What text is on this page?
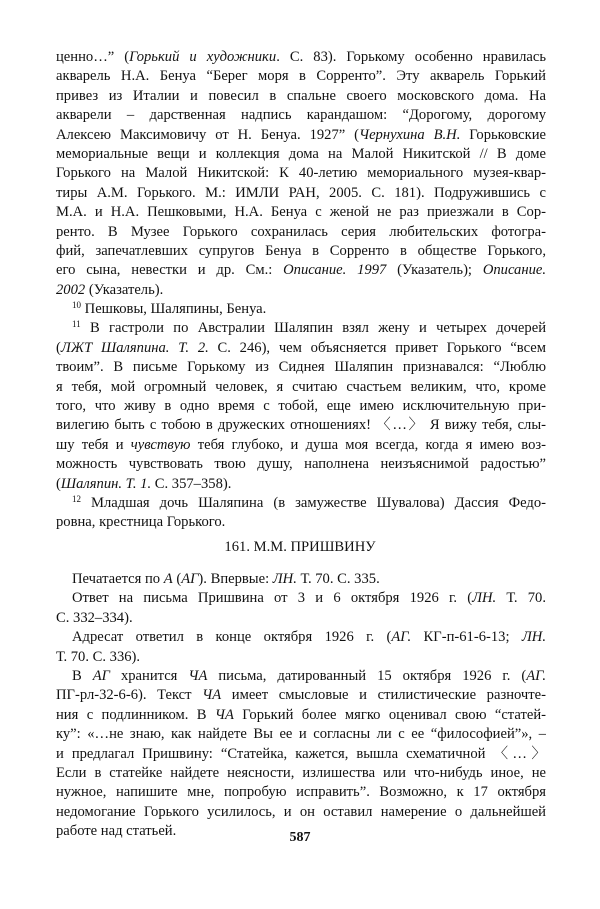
ценно…” (Горький и художники. С. 83). Горькому особенно нравилась
акварель Н.А. Бенуа “Берег моря в Сорренто”. Эту акварель Горький
привез из Италии и повесил в спальне своего московского дома. На
акварели – дарственная надпись карандашом: “Дорогому, дорогому
Алексею Максимовичу от Н. Бенуа. 1927” (Чернухина В.Н. Горьковские
мемориальные вещи и коллекция дома на Малой Никитской // В доме
Горького на Малой Никитской: К 40-летию мемориального музея-квар-
тиры А.М. Горького. М.: ИМЛИ РАН, 2005. С. 181). Подружившись с
М.А. и Н.А. Пешковыми, Н.А. Бенуа с женой не раз приезжали в Сор-
ренто. В Музее Горького сохранилась серия любительских фотогра-
фий, запечатлевших супругов Бенуа в Сорренто в обществе Горького,
его сына, невестки и др. См.: Описание. 1997 (Указатель); Описание.
2002 (Указатель).
$^{10}$ Пешковы, Шаляпины, Бенуа.
$^{11}$ В гастроли по Австралии Шаляпин взял жену и четырех дочерей
(ЛЖТ Шаляпина. Т. 2. С. 246), чем объясняется привет Горького “всем
твоим”. В письме Горькому из Сиднея Шаляпин признавался: “Люблю
я тебя, мой огромный человек, я считаю счастьем великим, что, кроме
того, что живу в одно время с тобой, еще имею исключительную при-
вилегию быть с тобою в дружеских отношениях! 〈…〉 Я вижу тебя, слы-
шу тебя и чувствую тебя глубоко, и душа моя всегда, когда я имею воз-
можность чувствовать твою душу, наполнена неизъяснимой радостью”
(Шаляпин. Т. 1. С. 357–358).
$^{12}$ Младшая дочь Шаляпина (в замужестве Шувалова) Дассия Федо-
ровна, крестница Горького.
161. М.М. ПРИШВИНУ
Печатается по А (АГ). Впервые: ЛН. Т. 70. С. 335.
Ответ на письма Пришвина от 3 и 6 октября 1926 г. (ЛН. Т. 70.
С. 332–334).
Адресат ответил в конце октября 1926 г. (АГ. КГ-п-61-6-13; ЛН.
Т. 70. С. 336).
В АГ хранится ЧА письма, датированный 15 октября 1926 г. (АГ.
ПГ-рл-32-6-6). Текст ЧА имеет смысловые и стилистические разночте-
ния с подлинником. В ЧА Горький более мягко оценивал свою “статей-
ку”: «…не знаю, как найдете Вы ее и согласны ли с ее “философией”», –
и предлагал Пришвину: “Статейка, кажется, вышла схематичной 〈…〉
Если в статейке найдете неясности, излишества или что-нибудь иное, не
нужное, напишите мне, попробую исправить”. Возможно, к 17 октября
недомогание Горького усилилось, и он оставил намерение о дальнейшей
работе над статьей.	587
